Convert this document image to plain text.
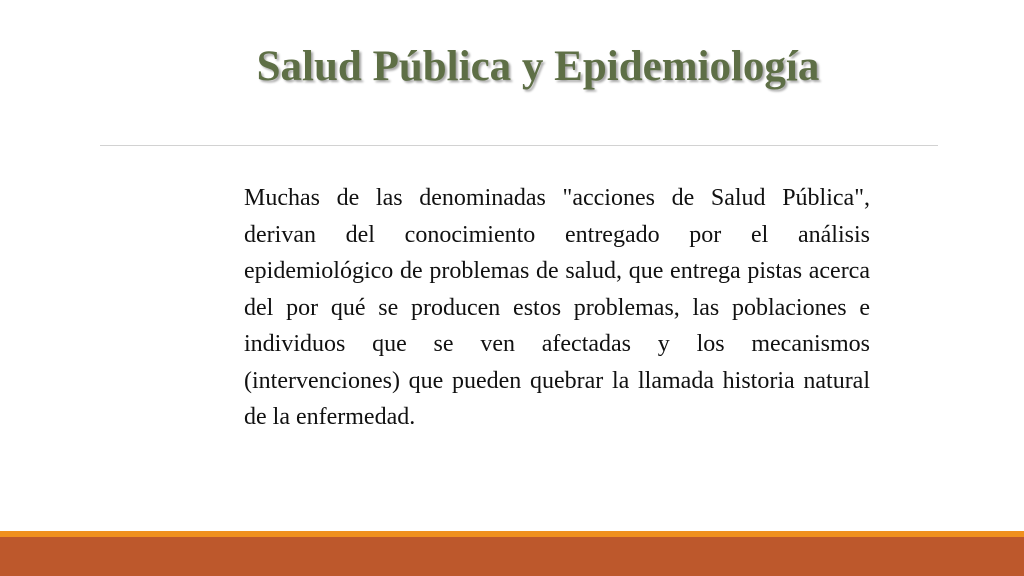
Salud Pública y Epidemiología

Muchas de las denominadas "acciones de Salud Pública", derivan del conocimiento entregado por el análisis epidemiológico de problemas de salud, que entrega pistas acerca del por qué se producen estos problemas, las poblaciones e individuos que se ven afectadas y los mecanismos (intervenciones) que pueden quebrar la llamada historia natural de la enfermedad.
